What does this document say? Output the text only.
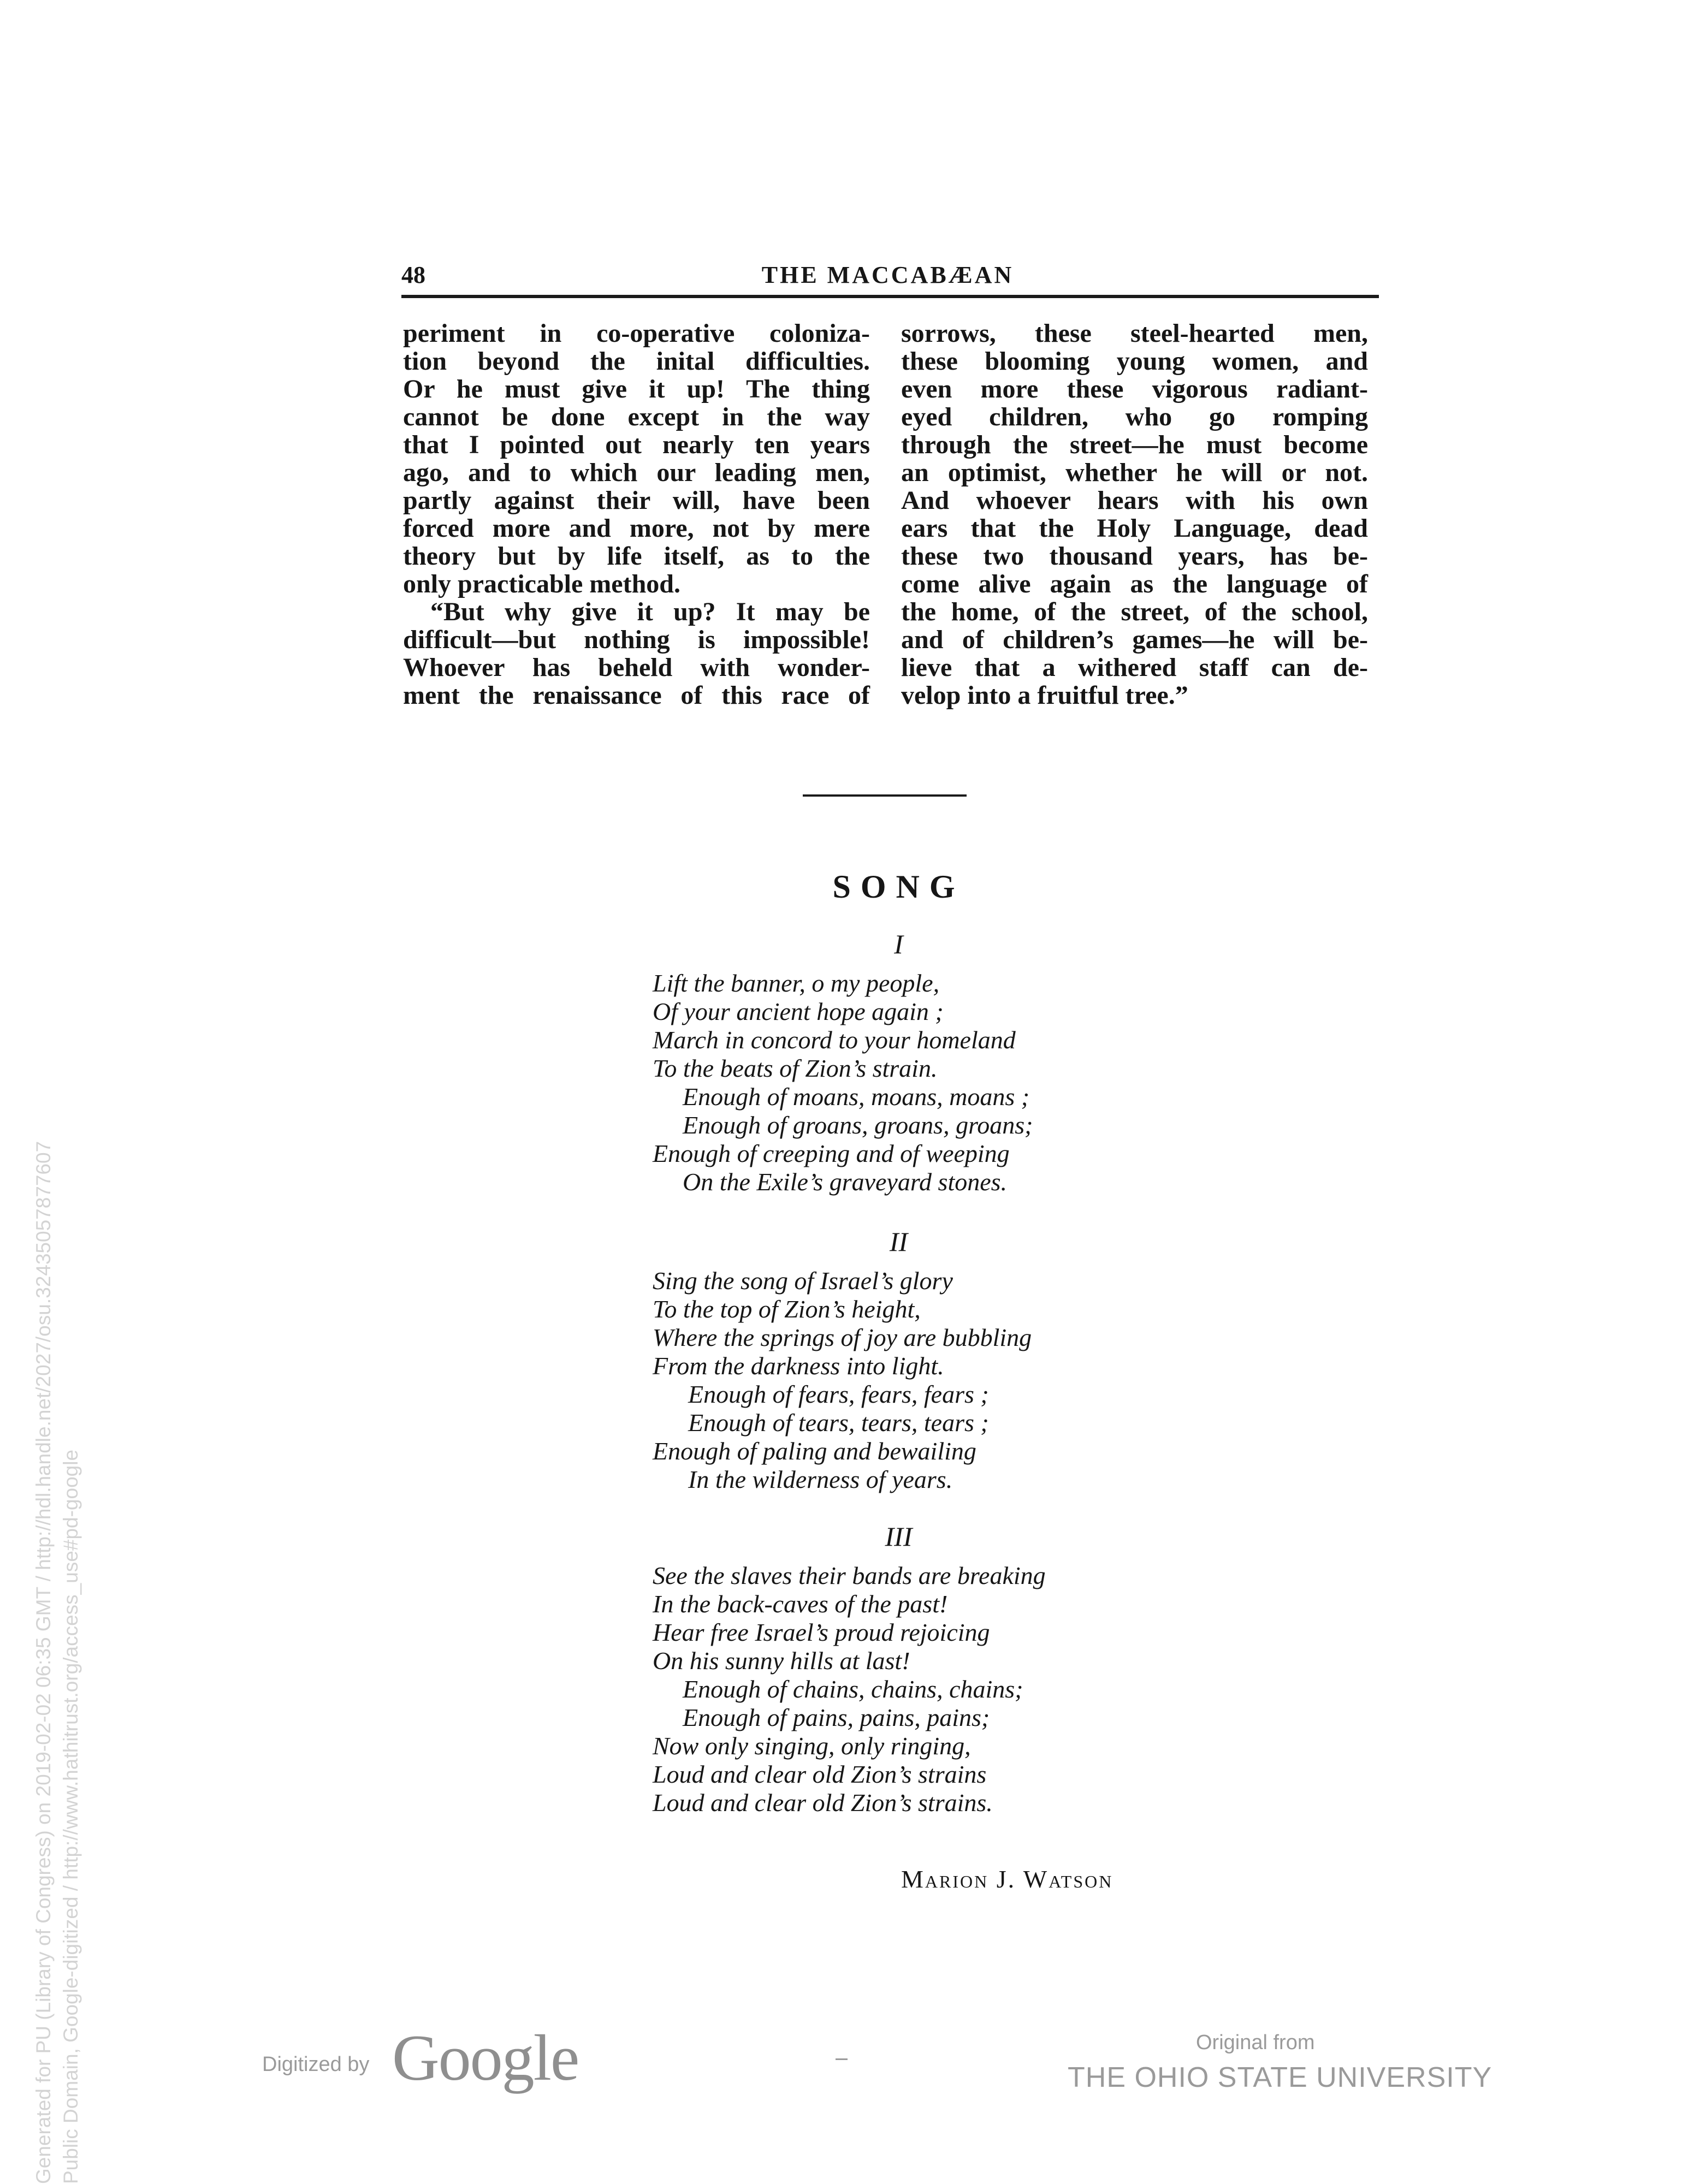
48	THE MACCABÆAN

periment in co-operative coloniza-
tion beyond the inital difficulties.
Or he must give it up! The thing
cannot be done except in the way
that I pointed out nearly ten years
ago, and to which our leading men,
partly against their will, have been
forced more and more, not by mere
theory but by life itself, as to the
only practicable method.

“But why give it up? It may be
difficult—but nothing is impossible!
Whoever has beheld with wonder-
ment the renaissance of this race of

sorrows, these steel-hearted men,
these blooming young women, and
even more these vigorous radiant-
eyed children, who go romping
through the street—he must become
an optimist, whether he will or not.
And whoever hears with his own
ears that the Holy Language, dead
these two thousand years, has be-
come alive again as the language of
the home, of the street, of the school,
and of children’s games—he will be-
lieve that a withered staff can de-
velop into a fruitful tree.”

SONG
I
Lift the banner, o my people,
Of your ancient hope again ;
March in concord to your homeland
To the beats of Zion’s strain.
Enough of moans, moans, moans ;
Enough of groans, groans, groans;
Enough of creeping and of weeping
On the Exile’s graveyard stones.
II
Sing the song of Israel’s glory
To the top of Zion’s height,
Where the springs of joy are bubbling
From the darkness into light.
Enough of fears, fears, fears ;
Enough of tears, tears, tears ;
Enough of paling and bewailing
In the wilderness of years.
III
See the slaves their bands are breaking
In the back-caves of the past!
Hear free Israel’s proud rejoicing
On his sunny hills at last!
Enough of chains, chains, chains;
Enough of pains, pains, pains;
Now only singing, only ringing,
Loud and clear old Zion’s strains
Loud and clear old Zion’s strains.
Marion J. Watson
Generated for PU (Library of Congress) on 2019-02-02 06:35 GMT / http://hdl.handle.net/2027/osu.32435057877607 Public Domain, Google-digitized / http://www.hathitrust.org/access_use#pd-google	Digitized by Google	Original from
THE OHIO STATE UNIVERSITY
